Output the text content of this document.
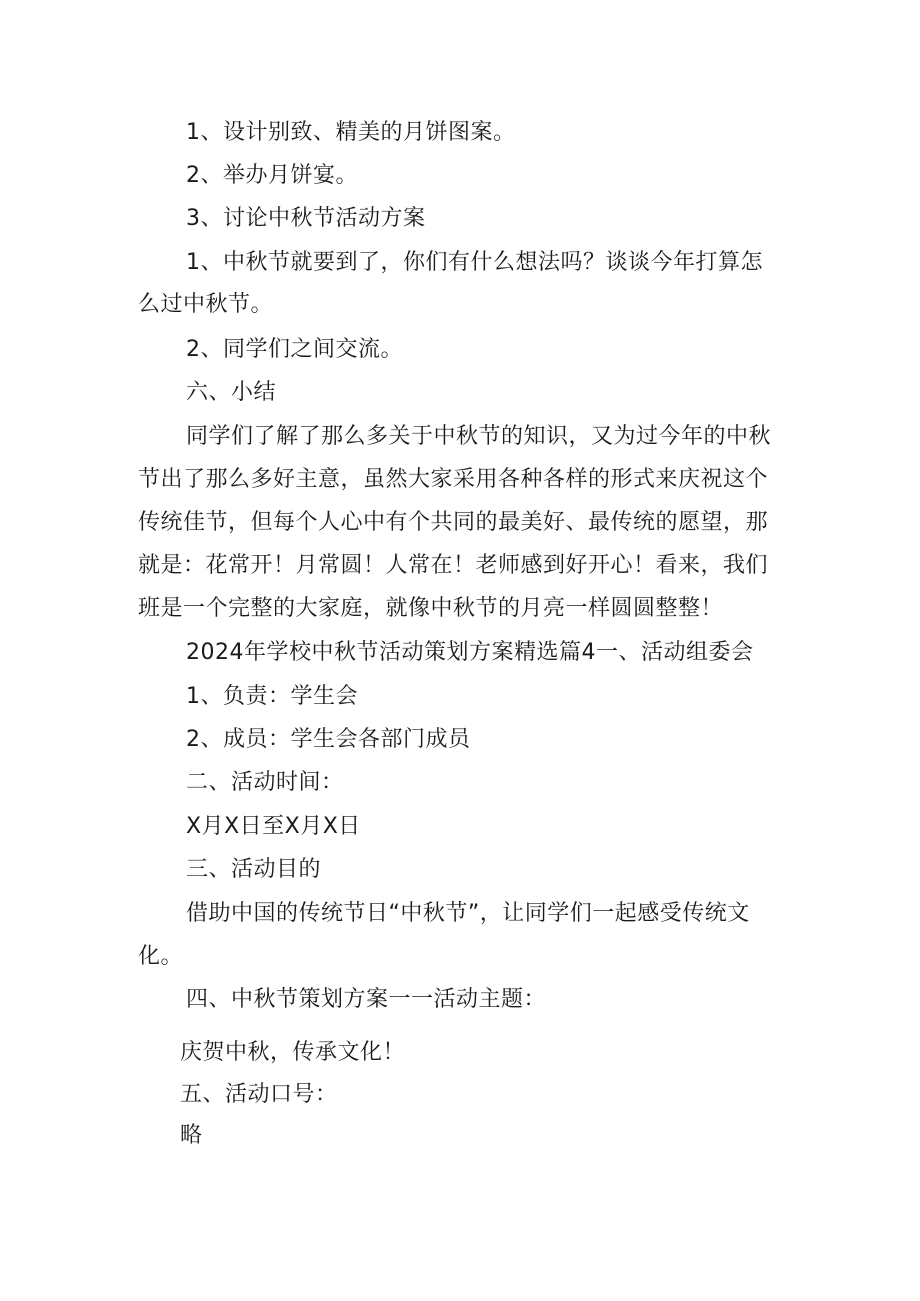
1、设计别致、精美的月饼图案。
2、举办月饼宴。
3、讨论中秋节活动方案
1、中秋节就要到了，你们有什么想法吗？谈谈今年打算怎
么过中秋节。
2、同学们之间交流。
六、小结
同学们了解了那么多关于中秋节的知识，又为过今年的中秋
节出了那么多好主意，虽然大家采用各种各样的形式来庆祝这个
传统佳节，但每个人心中有个共同的最美好、最传统的愿望，那
就是：花常开！月常圆！人常在！老师感到好开心！看来，我们
班是一个完整的大家庭，就像中秋节的月亮一样圆圆整整！
2024年学校中秋节活动策划方案精选篇4一、活动组委会
1、负责：学生会
2、成员：学生会各部门成员
二、活动时间：
X月X日至X月X日
三、活动目的
借助中国的传统节日“中秋节”，让同学们一起感受传统文
化。
四、中秋节策划方案一一活动主题：
庆贺中秋，传承文化！
五、活动口号：
略
